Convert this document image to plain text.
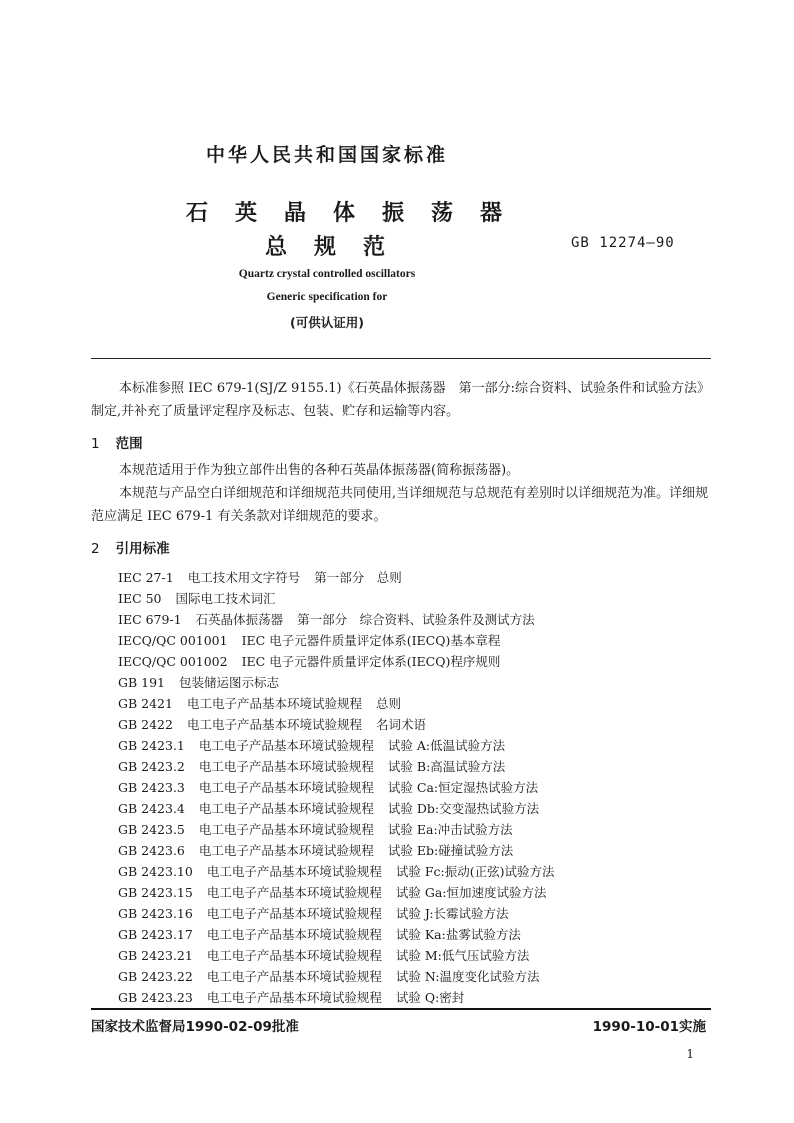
中华人民共和国国家标准
石英晶体振荡器
总规范	GB 12274—90
Quartz crystal controlled oscillators
Generic specification for
(可供认证用)
本标准参照 IEC 679-1(SJ/Z 9155.1)《石英晶体振荡器　第一部分:综合资料、试验条件和试验方法》制定,并补充了质量评定程序及标志、包装、贮存和运输等内容。
1 范围
本规范适用于作为独立部件出售的各种石英晶体振荡器(简称振荡器)。
本规范与产品空白详细规范和详细规范共同使用,当详细规范与总规范有差别时以详细规范为准。详细规范应满足 IEC 679-1 有关条款对详细规范的要求。
2 引用标准
IEC 27-1 电工技术用文字符号 第一部分　总则
IEC 50 国际电工技术词汇
IEC 679-1 石英晶体振荡器 第一部分　综合资料、试验条件及测试方法
IECQ/QC 001001 IEC 电子元器件质量评定体系(IECQ)基本章程
IECQ/QC 001002 IEC 电子元器件质量评定体系(IECQ)程序规则
GB 191 包装储运图示标志
GB 2421 电工电子产品基本环境试验规程 总则
GB 2422 电工电子产品基本环境试验规程 名词术语
GB 2423.1 电工电子产品基本环境试验规程 试验 A:低温试验方法
GB 2423.2 电工电子产品基本环境试验规程 试验 B:高温试验方法
GB 2423.3 电工电子产品基本环境试验规程 试验 Ca:恒定湿热试验方法
GB 2423.4 电工电子产品基本环境试验规程 试验 Db:交变湿热试验方法
GB 2423.5 电工电子产品基本环境试验规程 试验 Ea:冲击试验方法
GB 2423.6 电工电子产品基本环境试验规程 试验 Eb:碰撞试验方法
GB 2423.10 电工电子产品基本环境试验规程 试验 Fc:振动(正弦)试验方法
GB 2423.15 电工电子产品基本环境试验规程 试验 Ga:恒加速度试验方法
GB 2423.16 电工电子产品基本环境试验规程 试验 J:长霉试验方法
GB 2423.17 电工电子产品基本环境试验规程 试验 Ka:盐雾试验方法
GB 2423.21 电工电子产品基本环境试验规程 试验 M:低气压试验方法
GB 2423.22 电工电子产品基本环境试验规程 试验 N:温度变化试验方法
GB 2423.23 电工电子产品基本环境试验规程 试验 Q:密封
国家技术监督局1990-02-09批准	1990-10-01实施
1
